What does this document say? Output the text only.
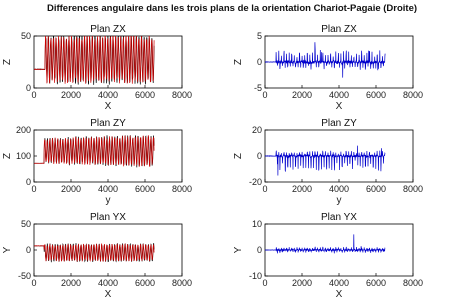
Differences angulaire dans les trois plans de la orientation Chariot-Pagaie (Droite)
Plan ZX
0	2000 4000 6000 8000
0
50
X
Z
Plan ZX
0	2000 4000 6000 8000
-5
0
5
X
Z
Plan ZY
0	2000 4000 6000 8000
0
100
200
y
Z
Plan ZY
0	2000 4000 6000 8000
-20
0
20
y
Z
Plan YX
0	2000 4000 6000 8000
-50
0
50
X
Y
Plan YX
0	2000 4000 6000 8000
-10
0
10
X
Y
